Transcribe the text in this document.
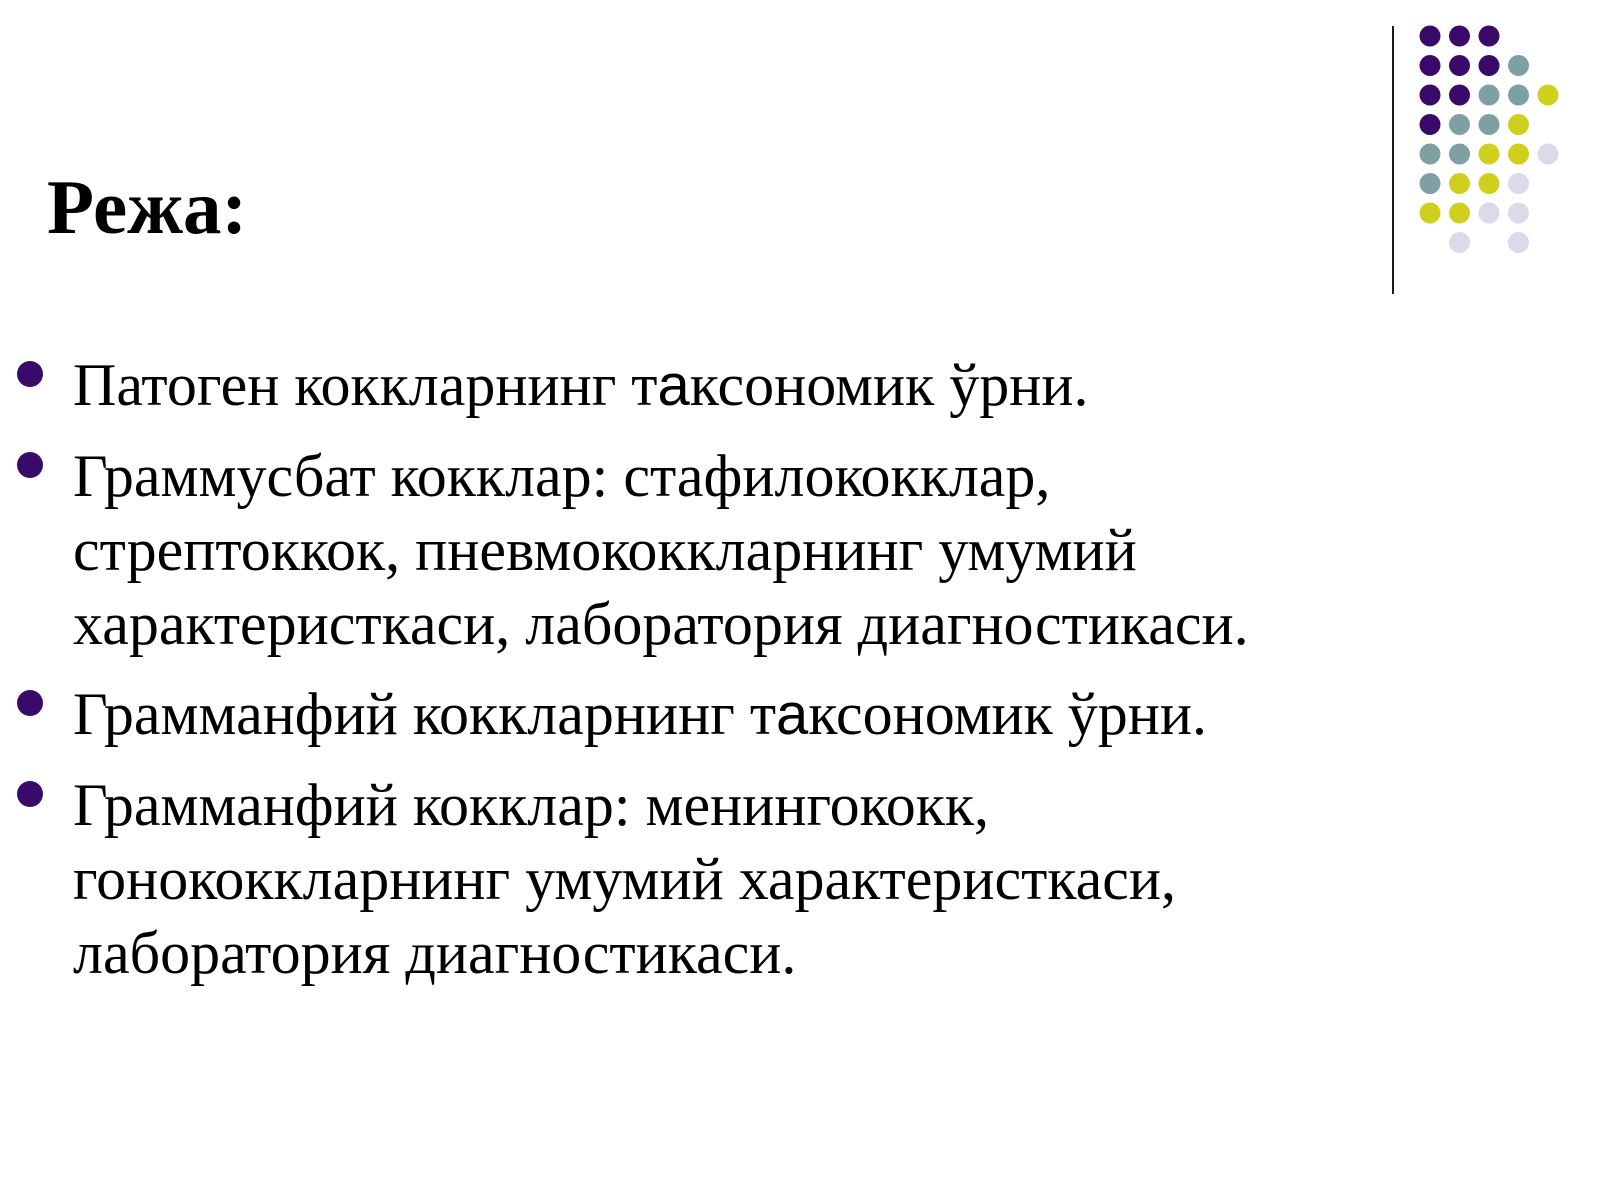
Режа:
Патоген коккларнинг таксономик ўрни.
Граммусбат кокклар: стафилококклар,
стрептоккок, пневмококкларнинг умумий
характеристкаси, лаборатория диагностикаси.
Грамманфий коккларнинг таксономик ўрни.
Грамманфий кокклар: менингококк,
гонококкларнинг умумий характеристкаси,
лаборатория диагностикаси.
